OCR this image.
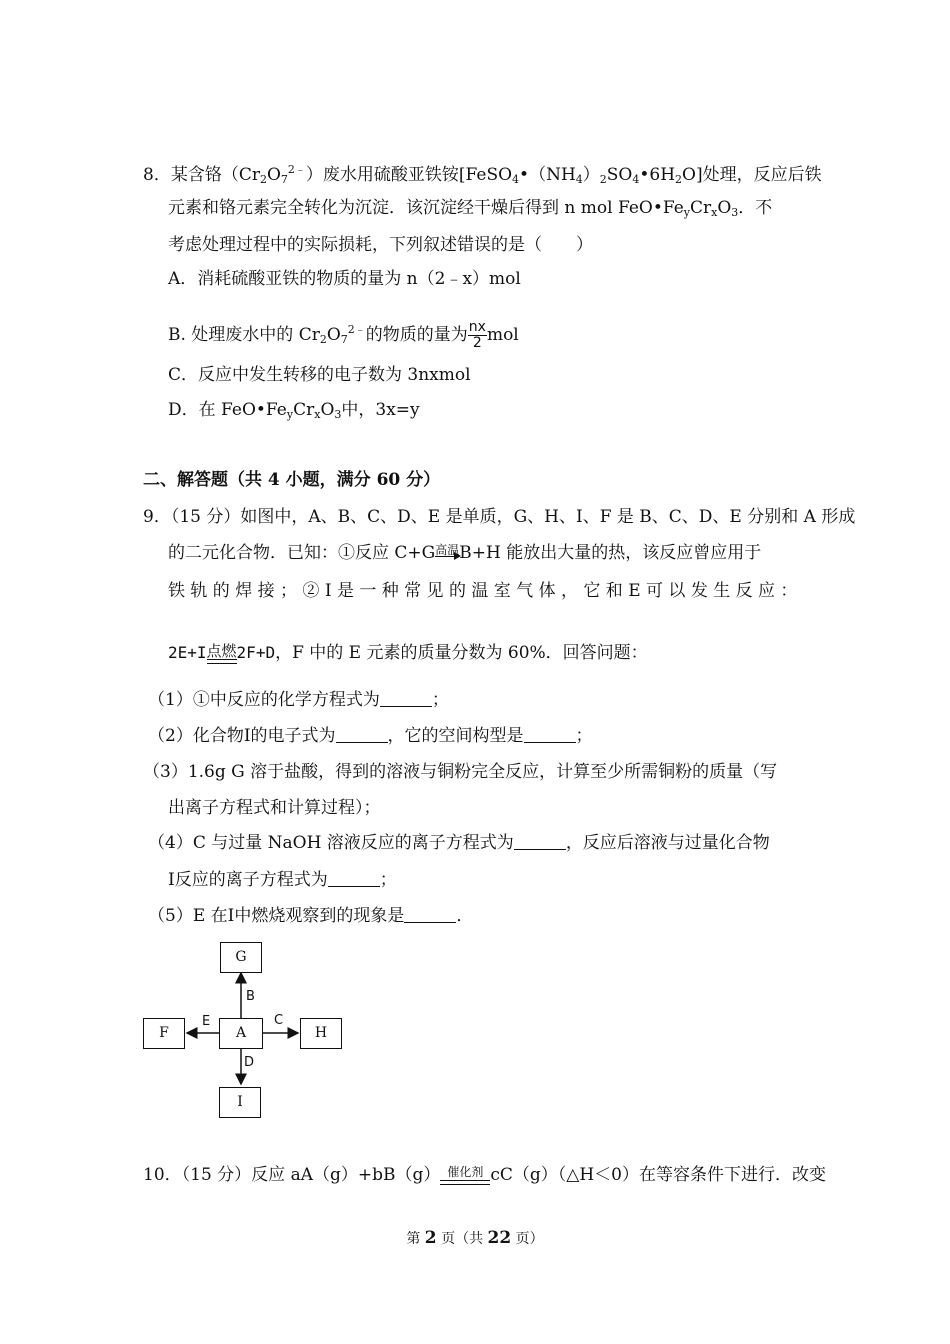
8．某含铬$(Cr_2O_7^{2﹣})$废水用硫酸亚铁铵$[FeSO_4•(NH_4)_2SO_4•6H_2O]$处理，反应后铁
元素和铬元素完全转化为沉淀．该沉淀经干燥后得到 n mol $FeO•Fe_yCr_xO_3$．不
考虑处理过程中的实际损耗，下列叙述错误的是（　　）
A．消耗硫酸亚铁的物质的量为 n（2﹣x）mol
B. 处理废水中的 $Cr_2O_7^{2﹣}$的物质的量为 $\frac{nx}{2}$ mol
C．反应中发生转移的电子数为 3nxmol
D．在 $FeO•Fe_yCr_xO_3$中，3x=y
二、解答题（共 4 小题，满分 60 分）
9．（15 分）如图中，A、B、C、D、E 是单质，G、H、I、F 是 B、C、D、E 分别和 A 形成
的二元化合物．已知：①反应 C+G 高温 B+H 能放出大量的热，该反应曾应用于
铁 轨 的 焊 接 ； ② I 是 一 种 常 见 的 温 室 气 体 ， 它 和 E 可 以 发 生 反 应 ：
2E+I 点燃 2F+D，F 中的 E 元素的质量分数为 60%．回答问题：
（1）①中反应的化学方程式为	；
（2）化合物Ⅰ的电子式为	，它的空间构型是	；
（3）1.6g G 溶于盐酸，得到的溶液与铜粉完全反应，计算至少所需铜粉的质量（写
出离子方程式和计算过程）；
（4）C 与过量 NaOH 溶液反应的离子方程式为	，反应后溶液与过量化合物
Ⅰ反应的离子方程式为	；
（5）E 在Ⅰ中燃烧观察到的现象是	．
G
F	A	H
I
B
E	C
D
10．（15 分）反应 aA（g）+bB（g） 催化剂 cC（g）（△H＜0）在等容条件下进行．改变
第 2 页（共 22 页）
